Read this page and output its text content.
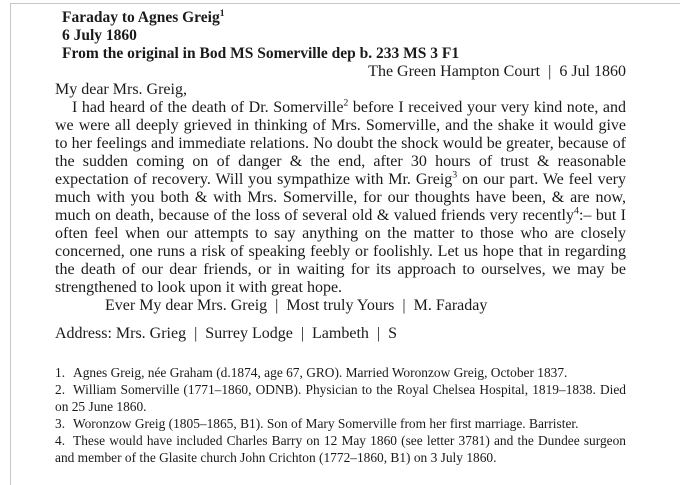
Faraday to Agnes Greig$^1$
6 July 1860
From the original in Bod MS Somerville dep b. 233 MS 3 F1
The Green Hampton Court  |  6 Jul 1860
My dear Mrs. Greig,
I had heard of the death of Dr. Somerville$^2$ before I received your very kind note, and we were all deeply grieved in thinking of Mrs. Somerville, and the shake it would give to her feelings and immediate relations. No doubt the shock would be greater, because of the sudden coming on of danger & the end, after 30 hours of trust & reasonable expectation of recovery. Will you sympathize with Mr. Greig$^3$ on our part. We feel very much with you both & with Mrs. Somerville, for our thoughts have been, & are now, much on death, because of the loss of several old & valued friends very recently$^4$:– but I often feel when our attempts to say anything on the matter to those who are closely concerned, one runs a risk of speaking feebly or foolishly. Let us hope that in regarding the death of our dear friends, or in waiting for its approach to ourselves, we may be strengthened to look upon it with great hope.
Ever My dear Mrs. Greig  |  Most truly Yours  |  M. Faraday
Address: Mrs. Grieg  |  Surrey Lodge  |  Lambeth  |  S

1. Agnes Greig, née Graham (d.1874, age 67, GRO). Married Woronzow Greig, October 1837.

2. William Somerville (1771–1860, ODNB). Physician to the Royal Chelsea Hospital, 1819–1838. Died on 25 June 1860.

3. Woronzow Greig (1805–1865, B1). Son of Mary Somerville from her first marriage. Barrister.

4. These would have included Charles Barry on 12 May 1860 (see letter 3781) and the Dundee surgeon and member of the Glasite church John Crichton (1772–1860, B1) on 3 July 1860.
